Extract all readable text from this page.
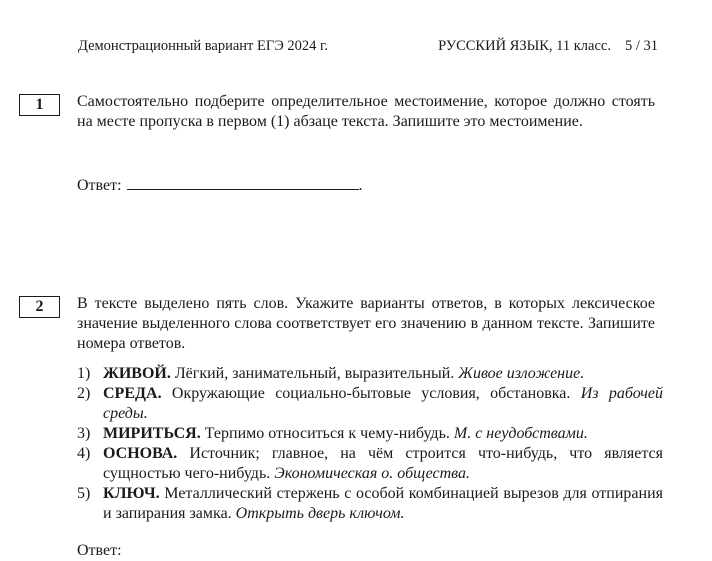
Демонстрационный вариант ЕГЭ 2024 г.	РУССКИЙ ЯЗЫК, 11 класс. 5 / 31
1	Самостоятельно подберите определительное местоимение, которое должно стоять на месте пропуска в первом (1) абзаце текста. Запишите это местоимение.
Ответ:	.
2	В тексте выделено пять слов. Укажите варианты ответов, в которых лексическое значение выделенного слова соответствует его значению в данном тексте. Запишите номера ответов.
1) ЖИВОЙ. Лёгкий, занимательный, выразительный. Живое изложение.
2) СРЕДА. Окружающие социально-бытовые условия, обстановка. Из рабочей среды.
3) МИРИТЬСЯ. Терпимо относиться к чему-нибудь. М. с неудобствами.
4) ОСНОВА. Источник; главное, на чём строится что-нибудь, что является сущностью чего-нибудь. Экономическая о. общества.
5) КЛЮЧ. Металлический стержень с особой комбинацией вырезов для отпирания и запирания замка. Открыть дверь ключом.
Ответ:
